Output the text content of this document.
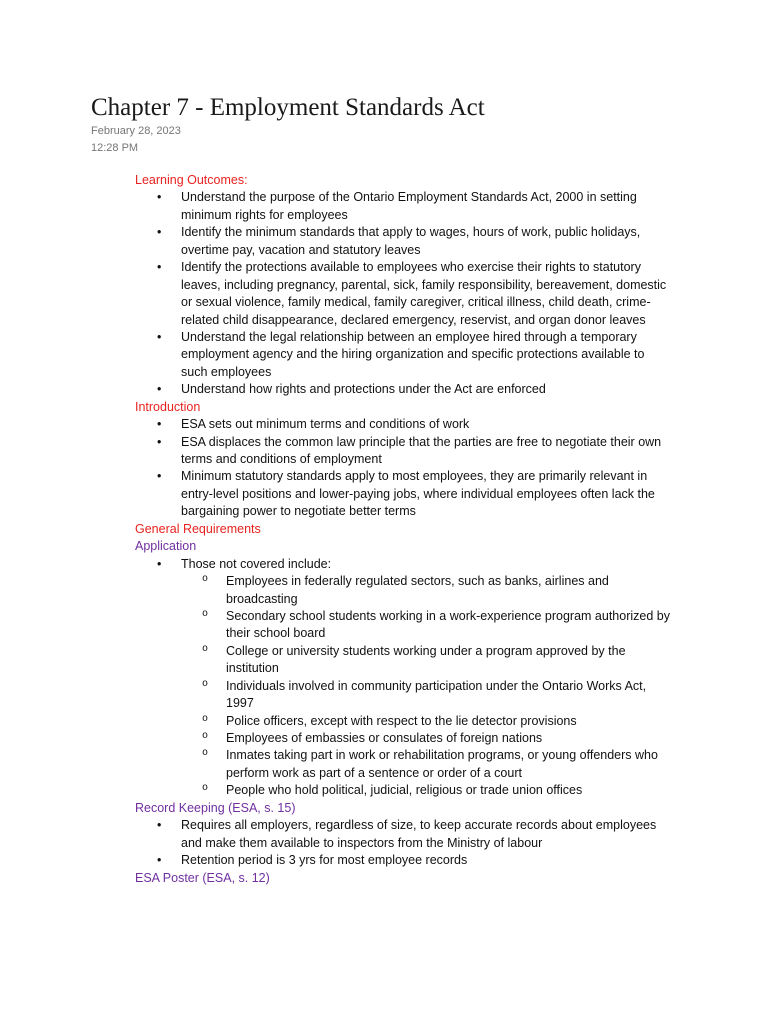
Chapter 7 - Employment Standards Act
February 28, 2023
12:28 PM
Learning Outcomes:
• Understand the purpose of the Ontario Employment Standards Act, 2000 in setting
minimum rights for employees
• Identify the minimum standards that apply to wages, hours of work, public holidays,
overtime pay, vacation and statutory leaves
• Identify the protections available to employees who exercise their rights to statutory
leaves, including pregnancy, parental, sick, family responsibility, bereavement, domestic
or sexual violence, family medical, family caregiver, critical illness, child death, crime-
related child disappearance, declared emergency, reservist, and organ donor leaves
• Understand the legal relationship between an employee hired through a temporary
employment agency and the hiring organization and specific protections available to
such employees
• Understand how rights and protections under the Act are enforced
Introduction
• ESA sets out minimum terms and conditions of work
• ESA displaces the common law principle that the parties are free to negotiate their own
terms and conditions of employment
• Minimum statutory standards apply to most employees, they are primarily relevant in
entry-level positions and lower-paying jobs, where individual employees often lack the
bargaining power to negotiate better terms
General Requirements
Application
• Those not covered include:
o Employees in federally regulated sectors, such as banks, airlines and
broadcasting
o Secondary school students working in a work-experience program authorized by
their school board
o College or university students working under a program approved by the
institution
o Individuals involved in community participation under the Ontario Works Act,
1997
o Police officers, except with respect to the lie detector provisions
o Employees of embassies or consulates of foreign nations
o Inmates taking part in work or rehabilitation programs, or young offenders who
perform work as part of a sentence or order of a court
o People who hold political, judicial, religious or trade union offices
Record Keeping (ESA, s. 15)
• Requires all employers, regardless of size, to keep accurate records about employees
and make them available to inspectors from the Ministry of labour
• Retention period is 3 yrs for most employee records
ESA Poster (ESA, s. 12)
